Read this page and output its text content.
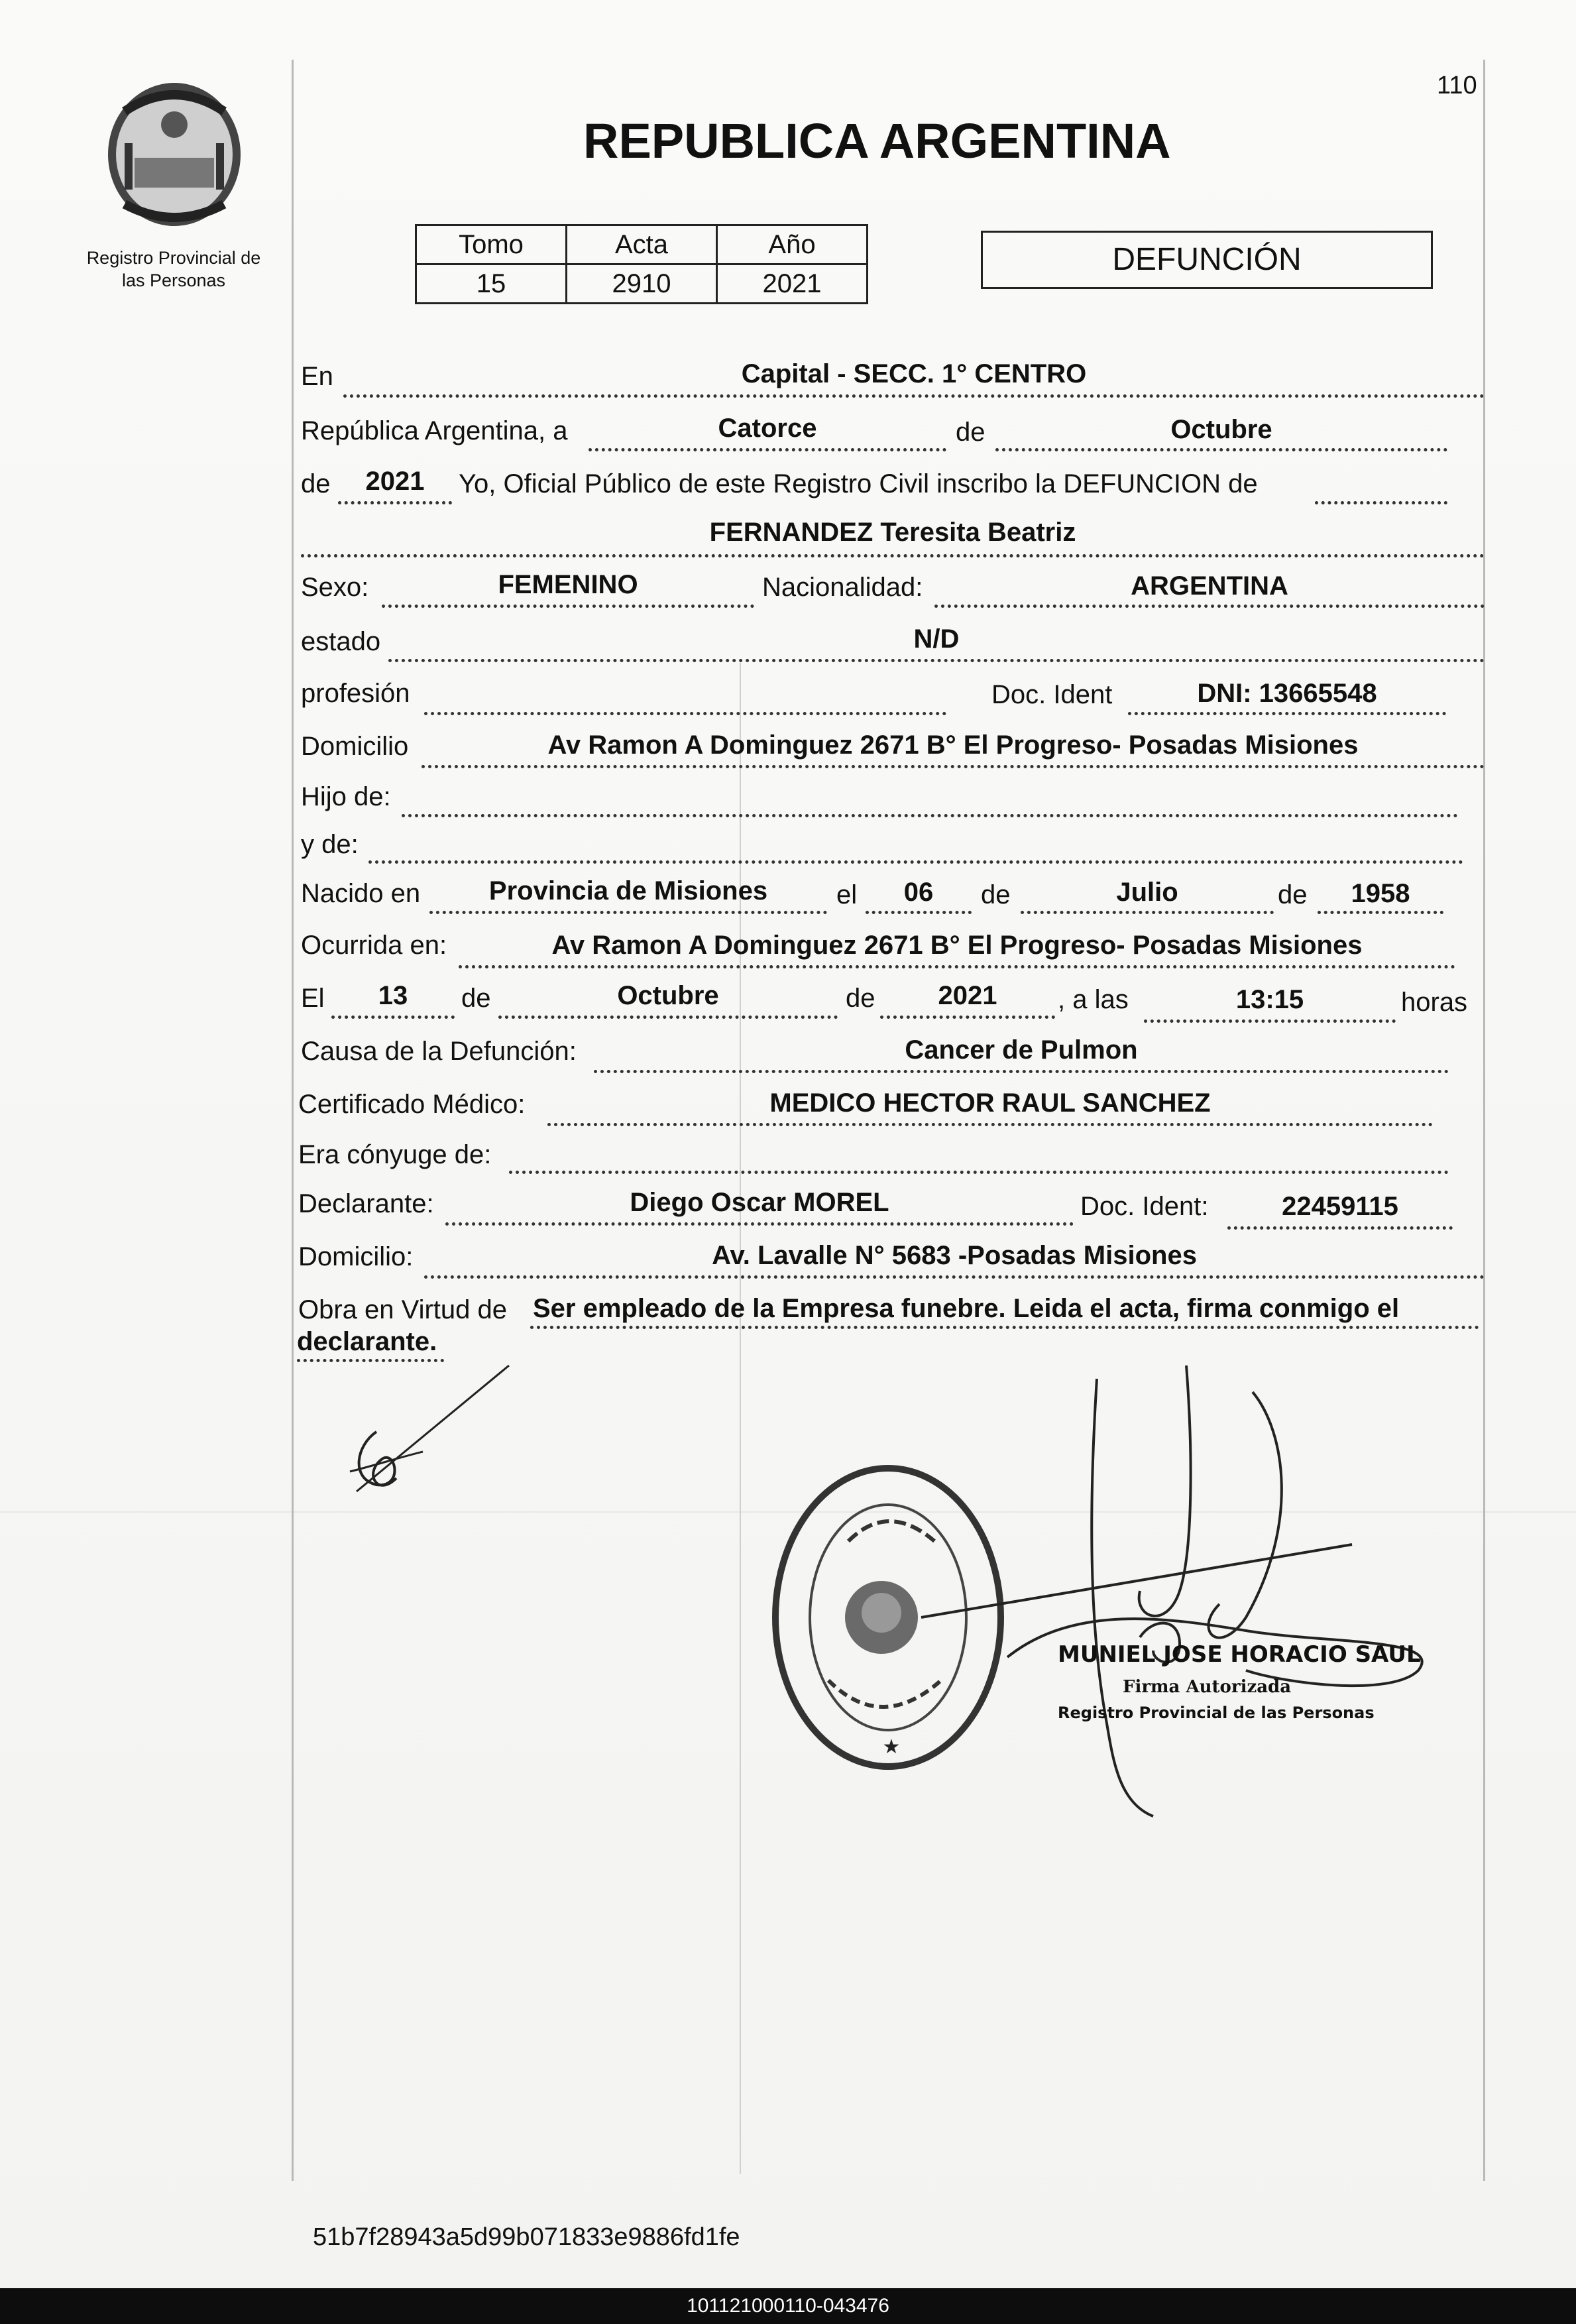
110
Registro Provincial de
las Personas
REPUBLICA ARGENTINA
Tomo	Acta	Año
15	2910	2021
DEFUNCIÓN
En	Capital - SECC. 1° CENTRO
República Argentina, a	Catorce	de	Octubre
de	2021	Yo, Oficial Público de este Registro Civil inscribo la DEFUNCION de
FERNANDEZ Teresita Beatriz
Sexo:	FEMENINO	Nacionalidad:	ARGENTINA
estado	N/D
profesión	Doc. Ident	DNI: 13665548
Domicilio	Av Ramon A Dominguez 2671 B° El Progreso- Posadas Misiones
Hijo de:
y de:
Nacido en	Provincia de Misiones	el	06	de	Julio	de	1958
Ocurrida en:	Av Ramon A Dominguez 2671 B° El Progreso- Posadas Misiones
El	13	de	Octubre	de	2021	, a las	13:15	horas
Causa de la Defunción:	Cancer de Pulmon
Certificado Médico:	MEDICO HECTOR RAUL SANCHEZ
Era cónyuge de:
Declarante:	Diego Oscar MOREL	Doc. Ident:	22459115
Domicilio:	Av. Lavalle N° 5683 -Posadas Misiones
Obra en Virtud de Ser empleado de la Empresa funebre. Leida el acta, firma conmigo el
declarante.
★
MUNIEL JOSE HORACIO SAUL
Firma Autorizada
Registro Provincial de las Personas
51b7f28943a5d99b071833e9886fd1fe
101121000110-043476
